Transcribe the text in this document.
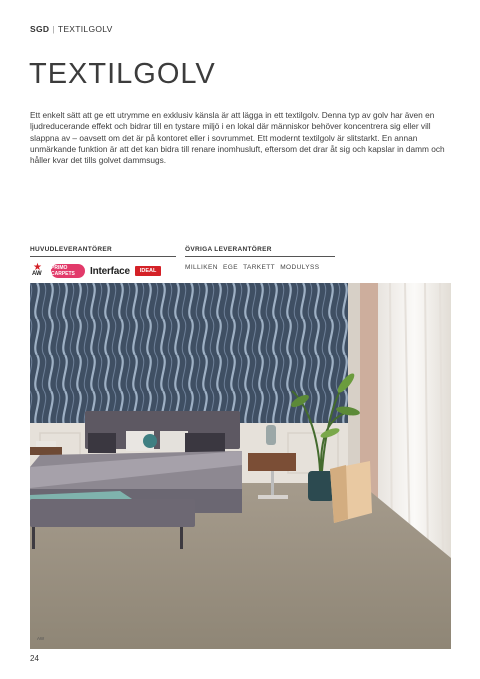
SGD | TEXTILGOLV
TEXTILGOLV

Ett enkelt sätt att ge ett utrymme en exklusiv känsla är att lägga in ett textilgolv. Denna typ av golv har även en ljudreducerande effekt och bidrar till en tystare miljö i en lokal där människor behöver koncentrera sig eller vill slappna av – oavsett om det är på kontoret eller i sovrummet. Ett modernt textilgolv är slitstarkt. En annan unmärkande funktion är att det kan bidra till renare inomhusluft, eftersom det drar åt sig och kapslar in damm och håller kvar det tills golvet dammsugs.

HUVUDLEVERANTÖRER
★
AW
PRIMO CARPETS	Interface	IDEAL
ÖVRIGA LEVERANTÖRER
MILLIKEN EGE TARKETT MODULYSS
AW
24
